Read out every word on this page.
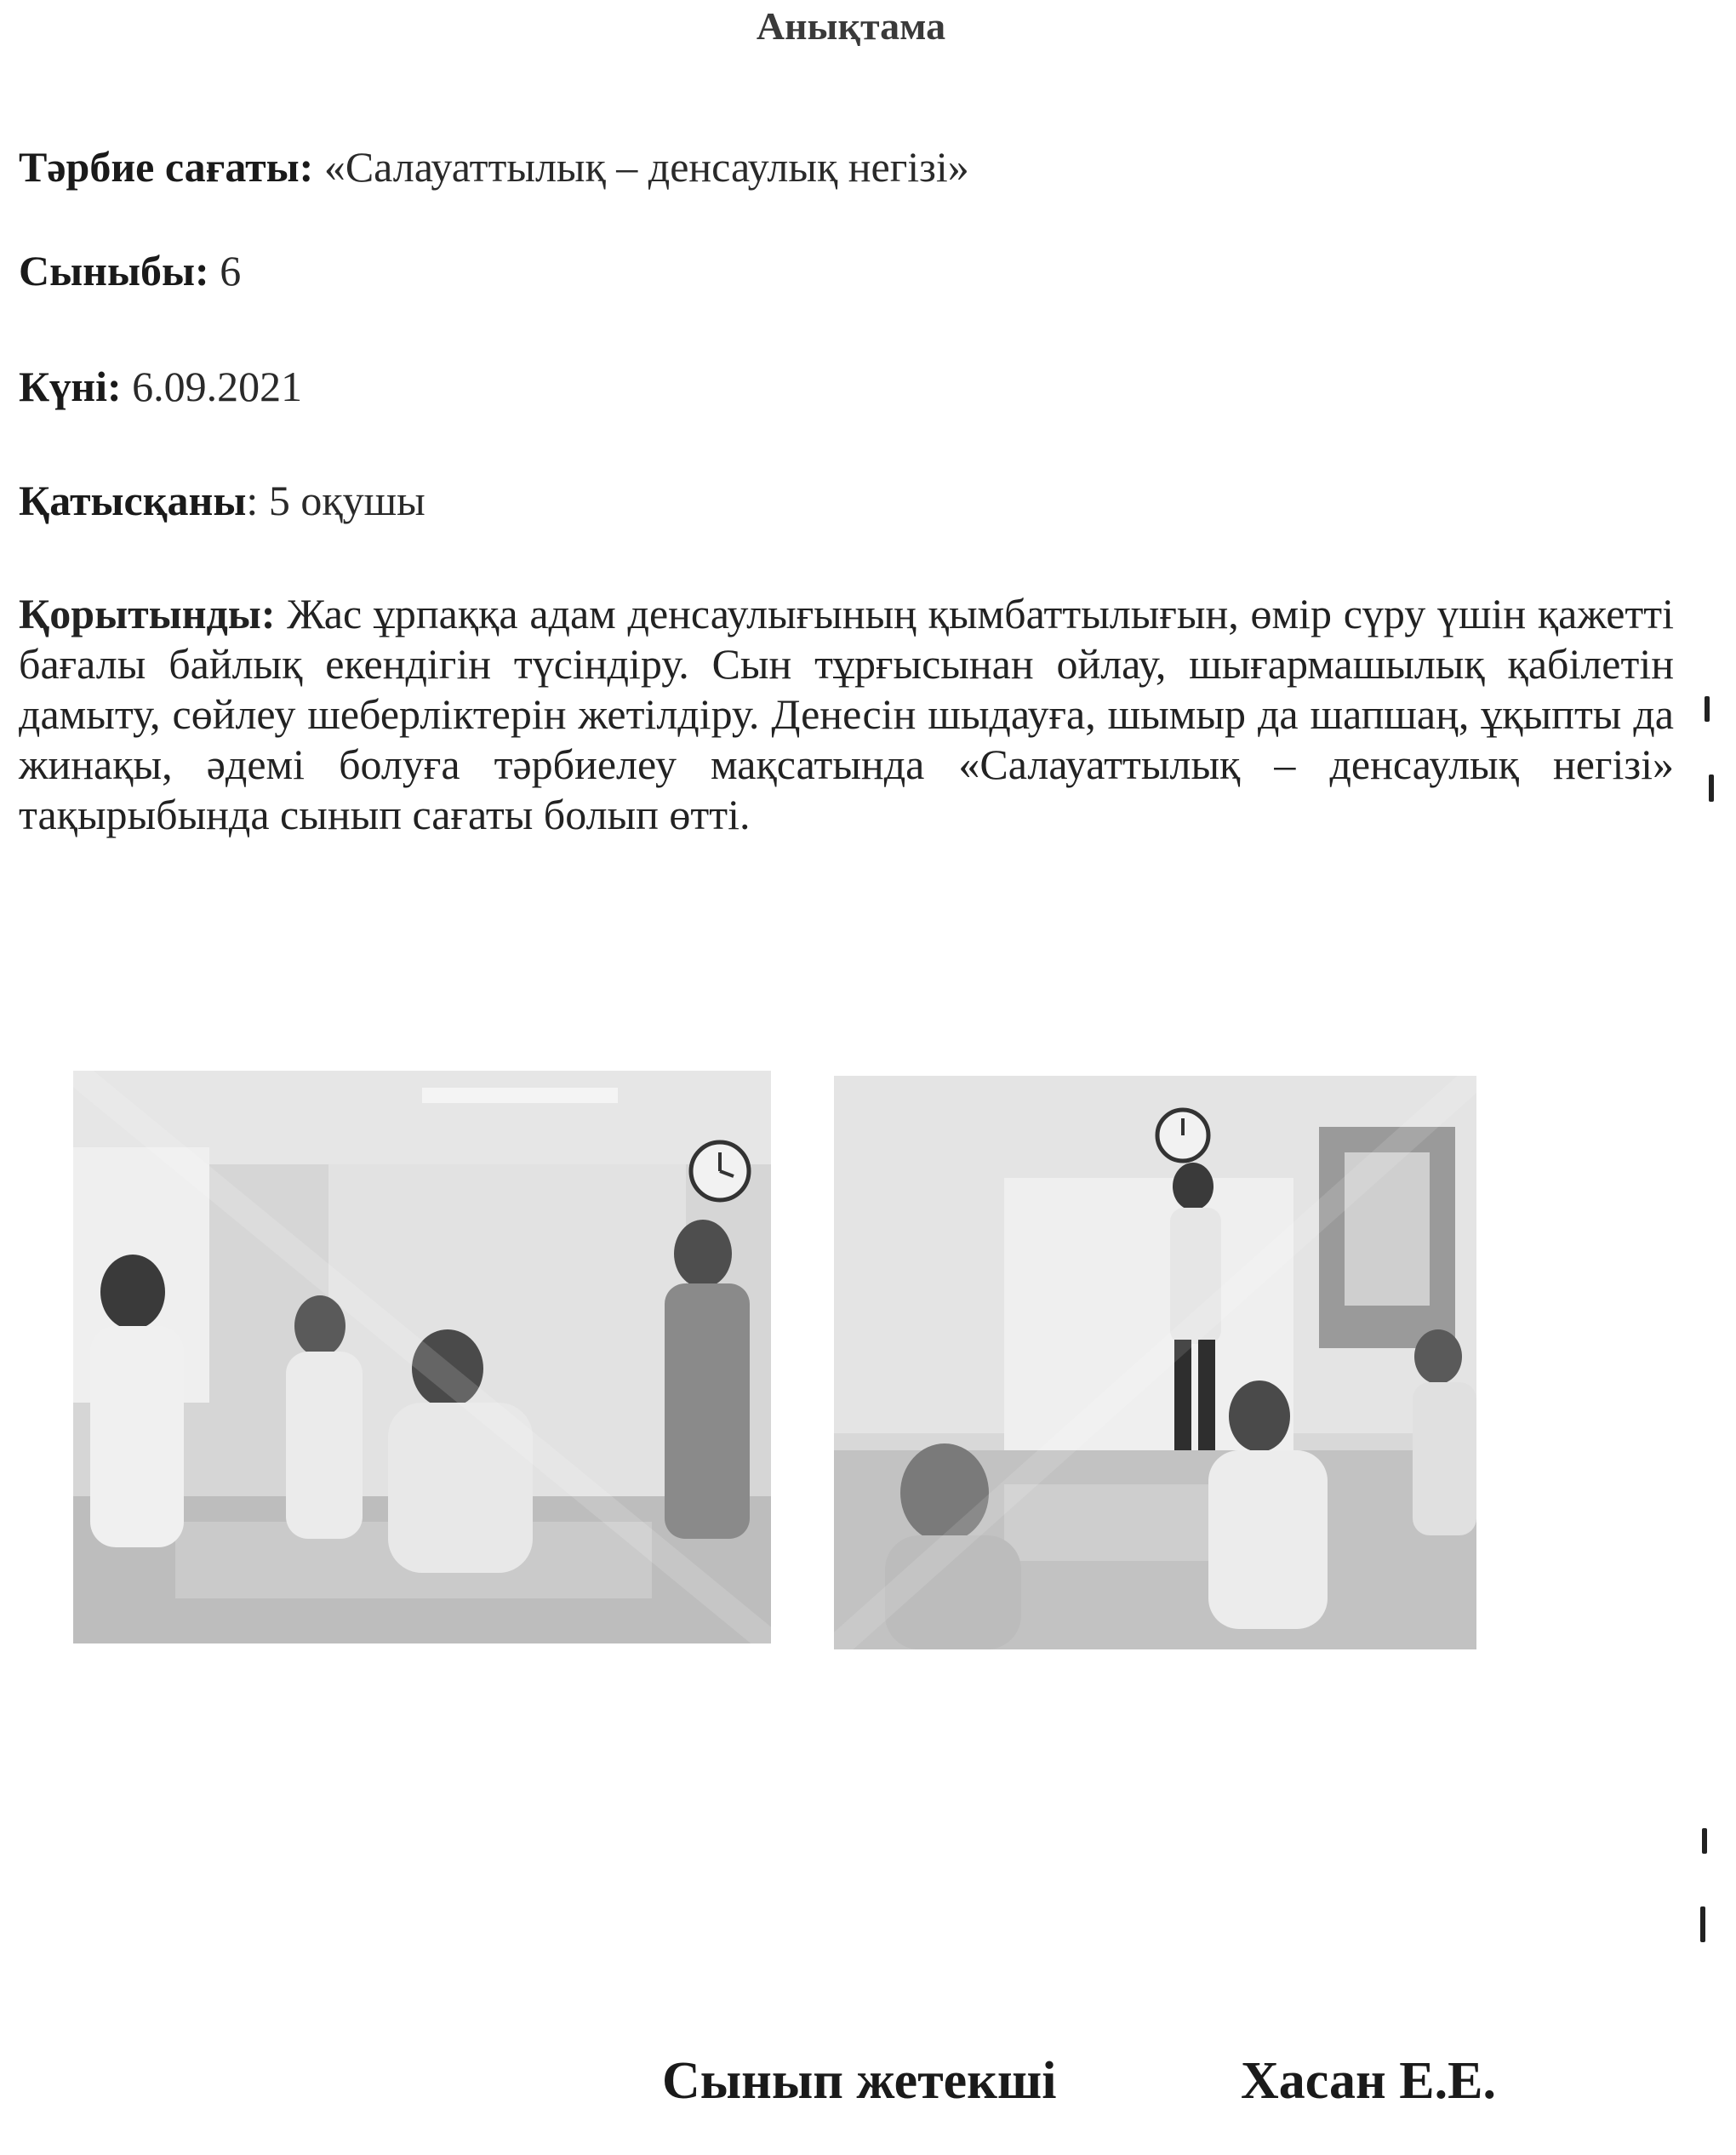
Анықтама
Тәрбие сағаты: «Салауаттылық – денсаулық негізі»
Сыныбы: 6
Күні: 6.09.2021
Қатысқаны: 5 оқушы
Қорытынды: Жас ұрпаққа адам денсаулығының қымбаттылығын, өмір сүру үшін қажетті бағалы байлық екендігін түсіндіру. Сын тұрғысынан ойлау, шығармашылық қабілетін дамыту, сөйлеу шеберліктерін жетілдіру. Денесін шыдауға, шымыр да шапшаң, ұқыпты да жинақы, әдемі болуға тәрбиелеу мақсатында «Салауаттылық – денсаулық негізі» тақырыбында сынып сағаты болып өтті.
Сынып жетекші	Хасан Е.Е.
